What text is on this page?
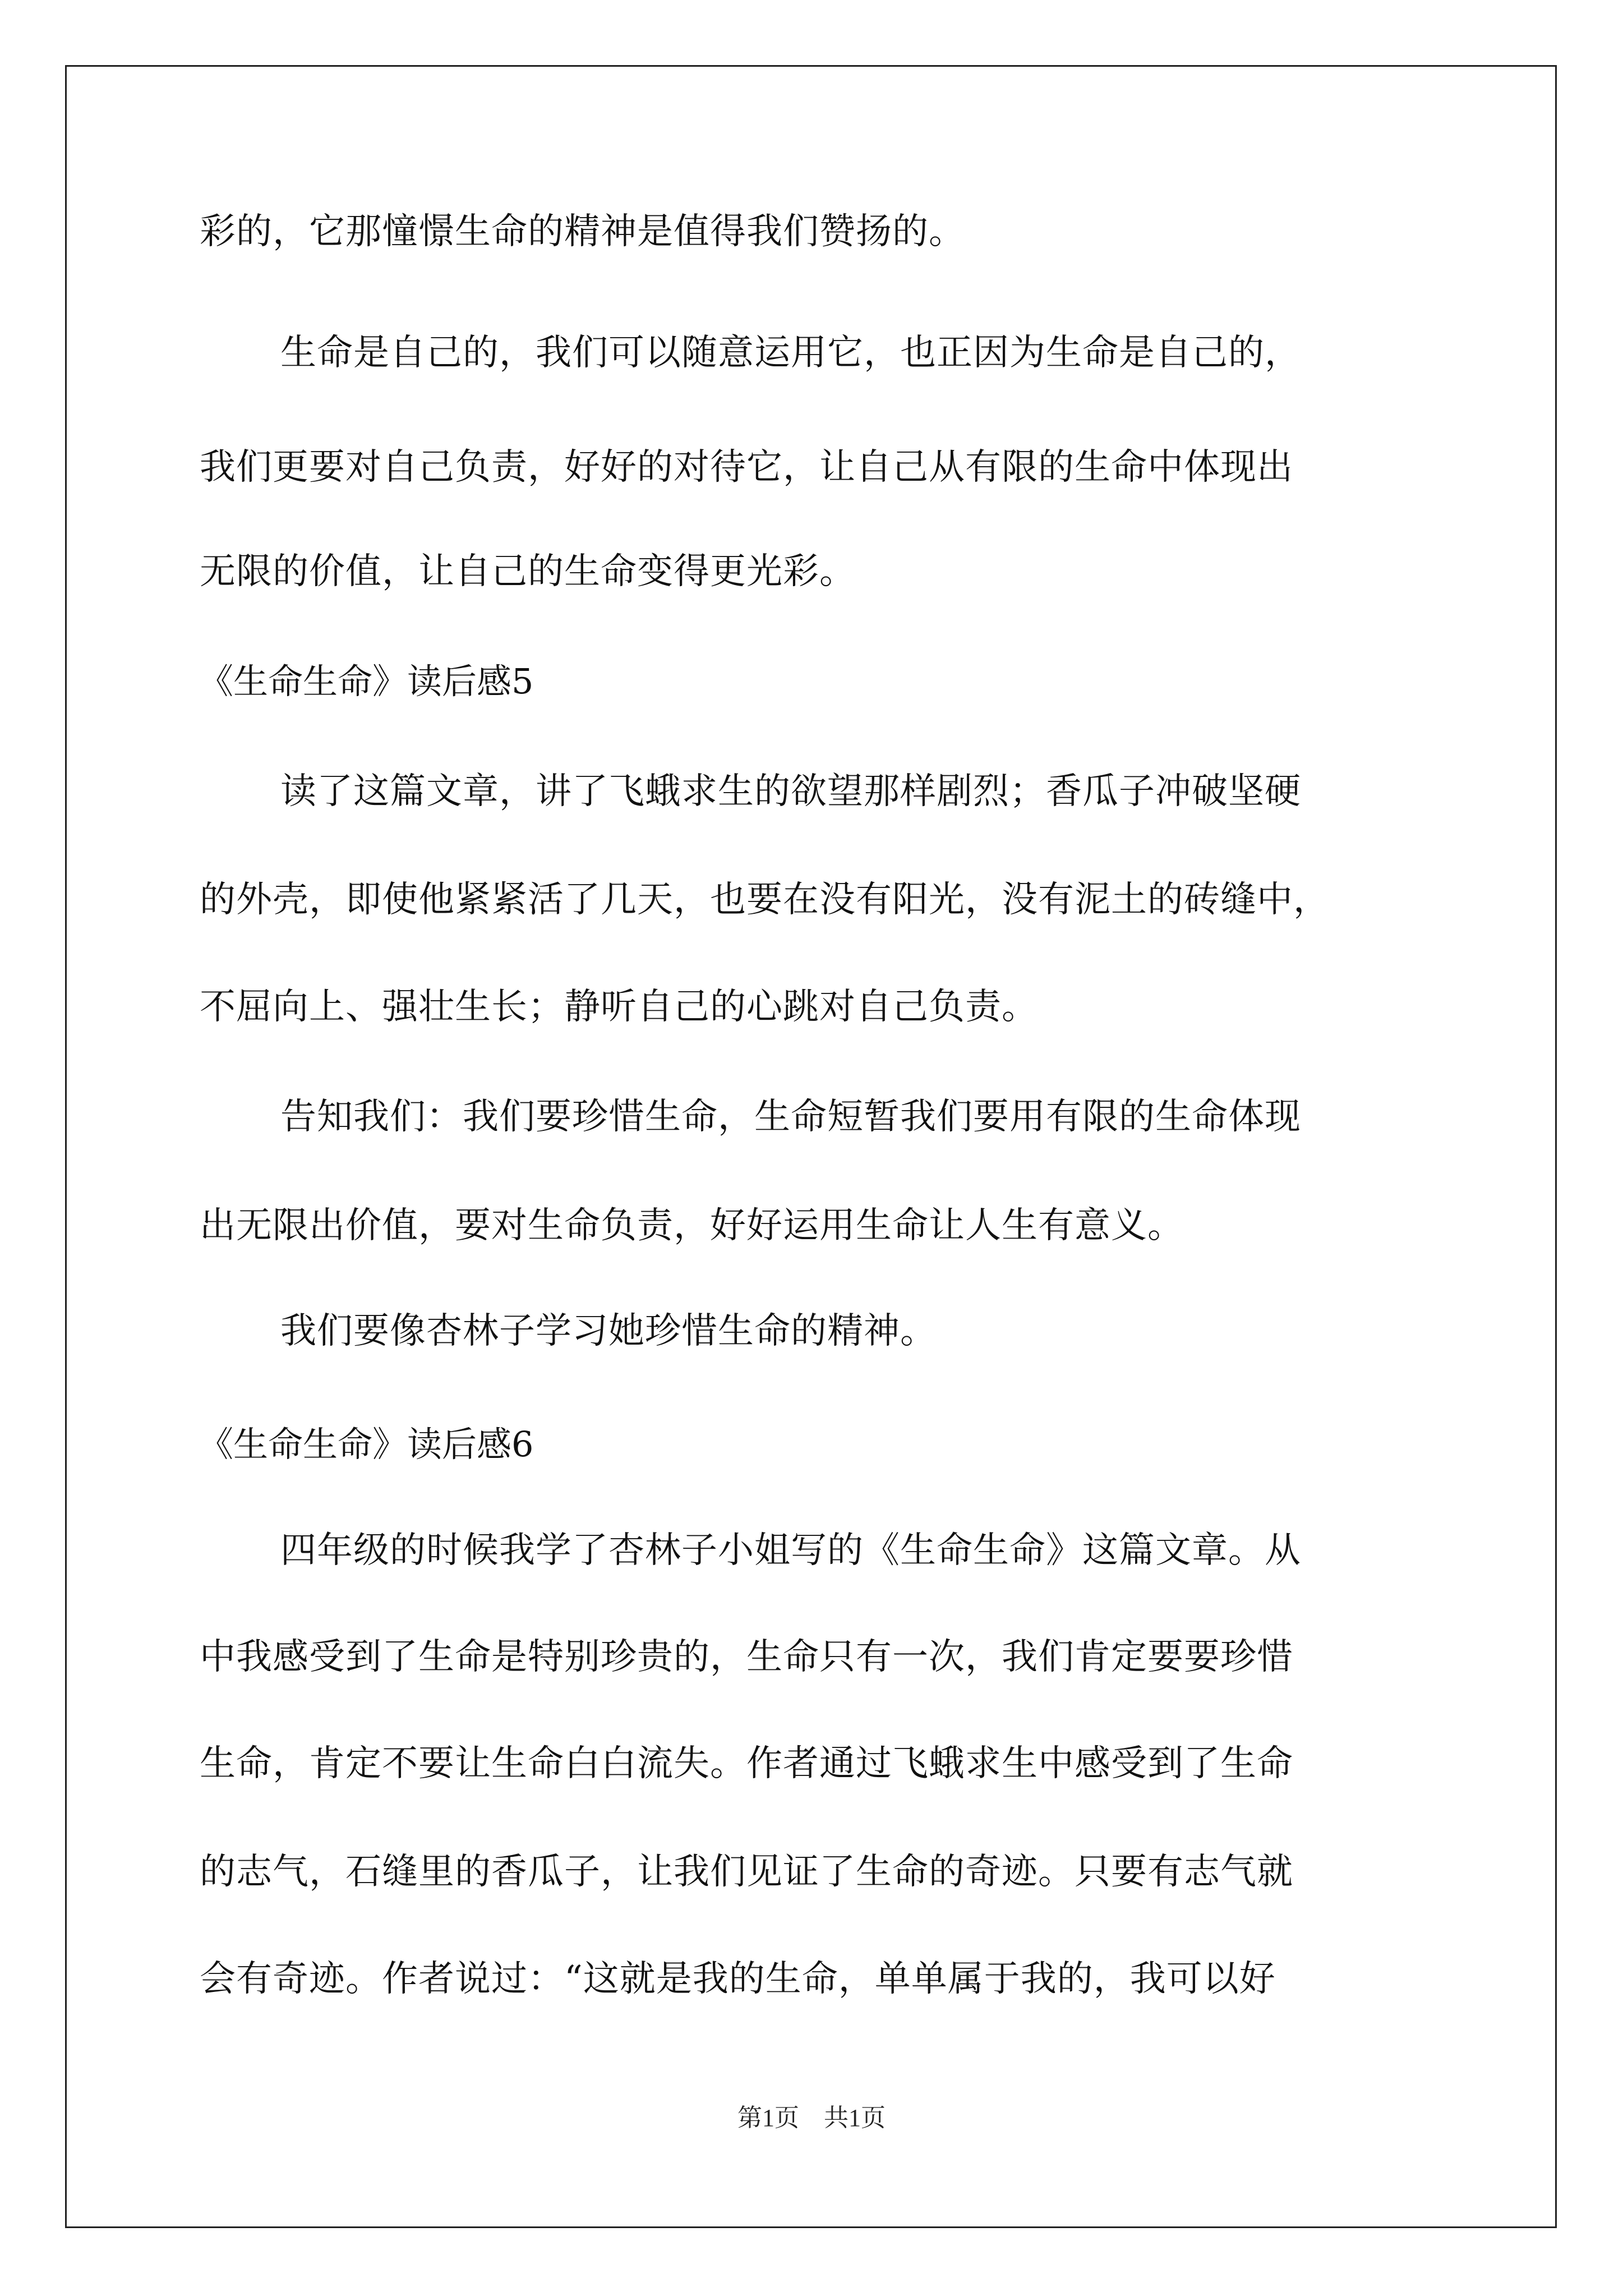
彩的，它那憧憬生命的精神是值得我们赞扬的。
生命是自己的，我们可以随意运用它，也正因为生命是自己的，
我们更要对自己负责，好好的对待它，让自己从有限的生命中体现出
无限的价值，让自己的生命变得更光彩。
《生命生命》读后感5
读了这篇文章，讲了飞蛾求生的欲望那样剧烈；香瓜子冲破坚硬
的外壳，即使他紧紧活了几天，也要在没有阳光，没有泥土的砖缝中，
不屈向上、强壮生长；静听自己的心跳对自己负责。
告知我们：我们要珍惜生命，生命短暂我们要用有限的生命体现
出无限出价值，要对生命负责，好好运用生命让人生有意义。
我们要像杏林子学习她珍惜生命的精神。
《生命生命》读后感6
四年级的时候我学了杏林子小姐写的《生命生命》这篇文章。从
中我感受到了生命是特别珍贵的，生命只有一次，我们肯定要要珍惜
生命，肯定不要让生命白白流失。作者通过飞蛾求生中感受到了生命
的志气，石缝里的香瓜子，让我们见证了生命的奇迹。只要有志气就
会有奇迹。作者说过：“这就是我的生命，单单属于我的，我可以好
第1页　共1页
